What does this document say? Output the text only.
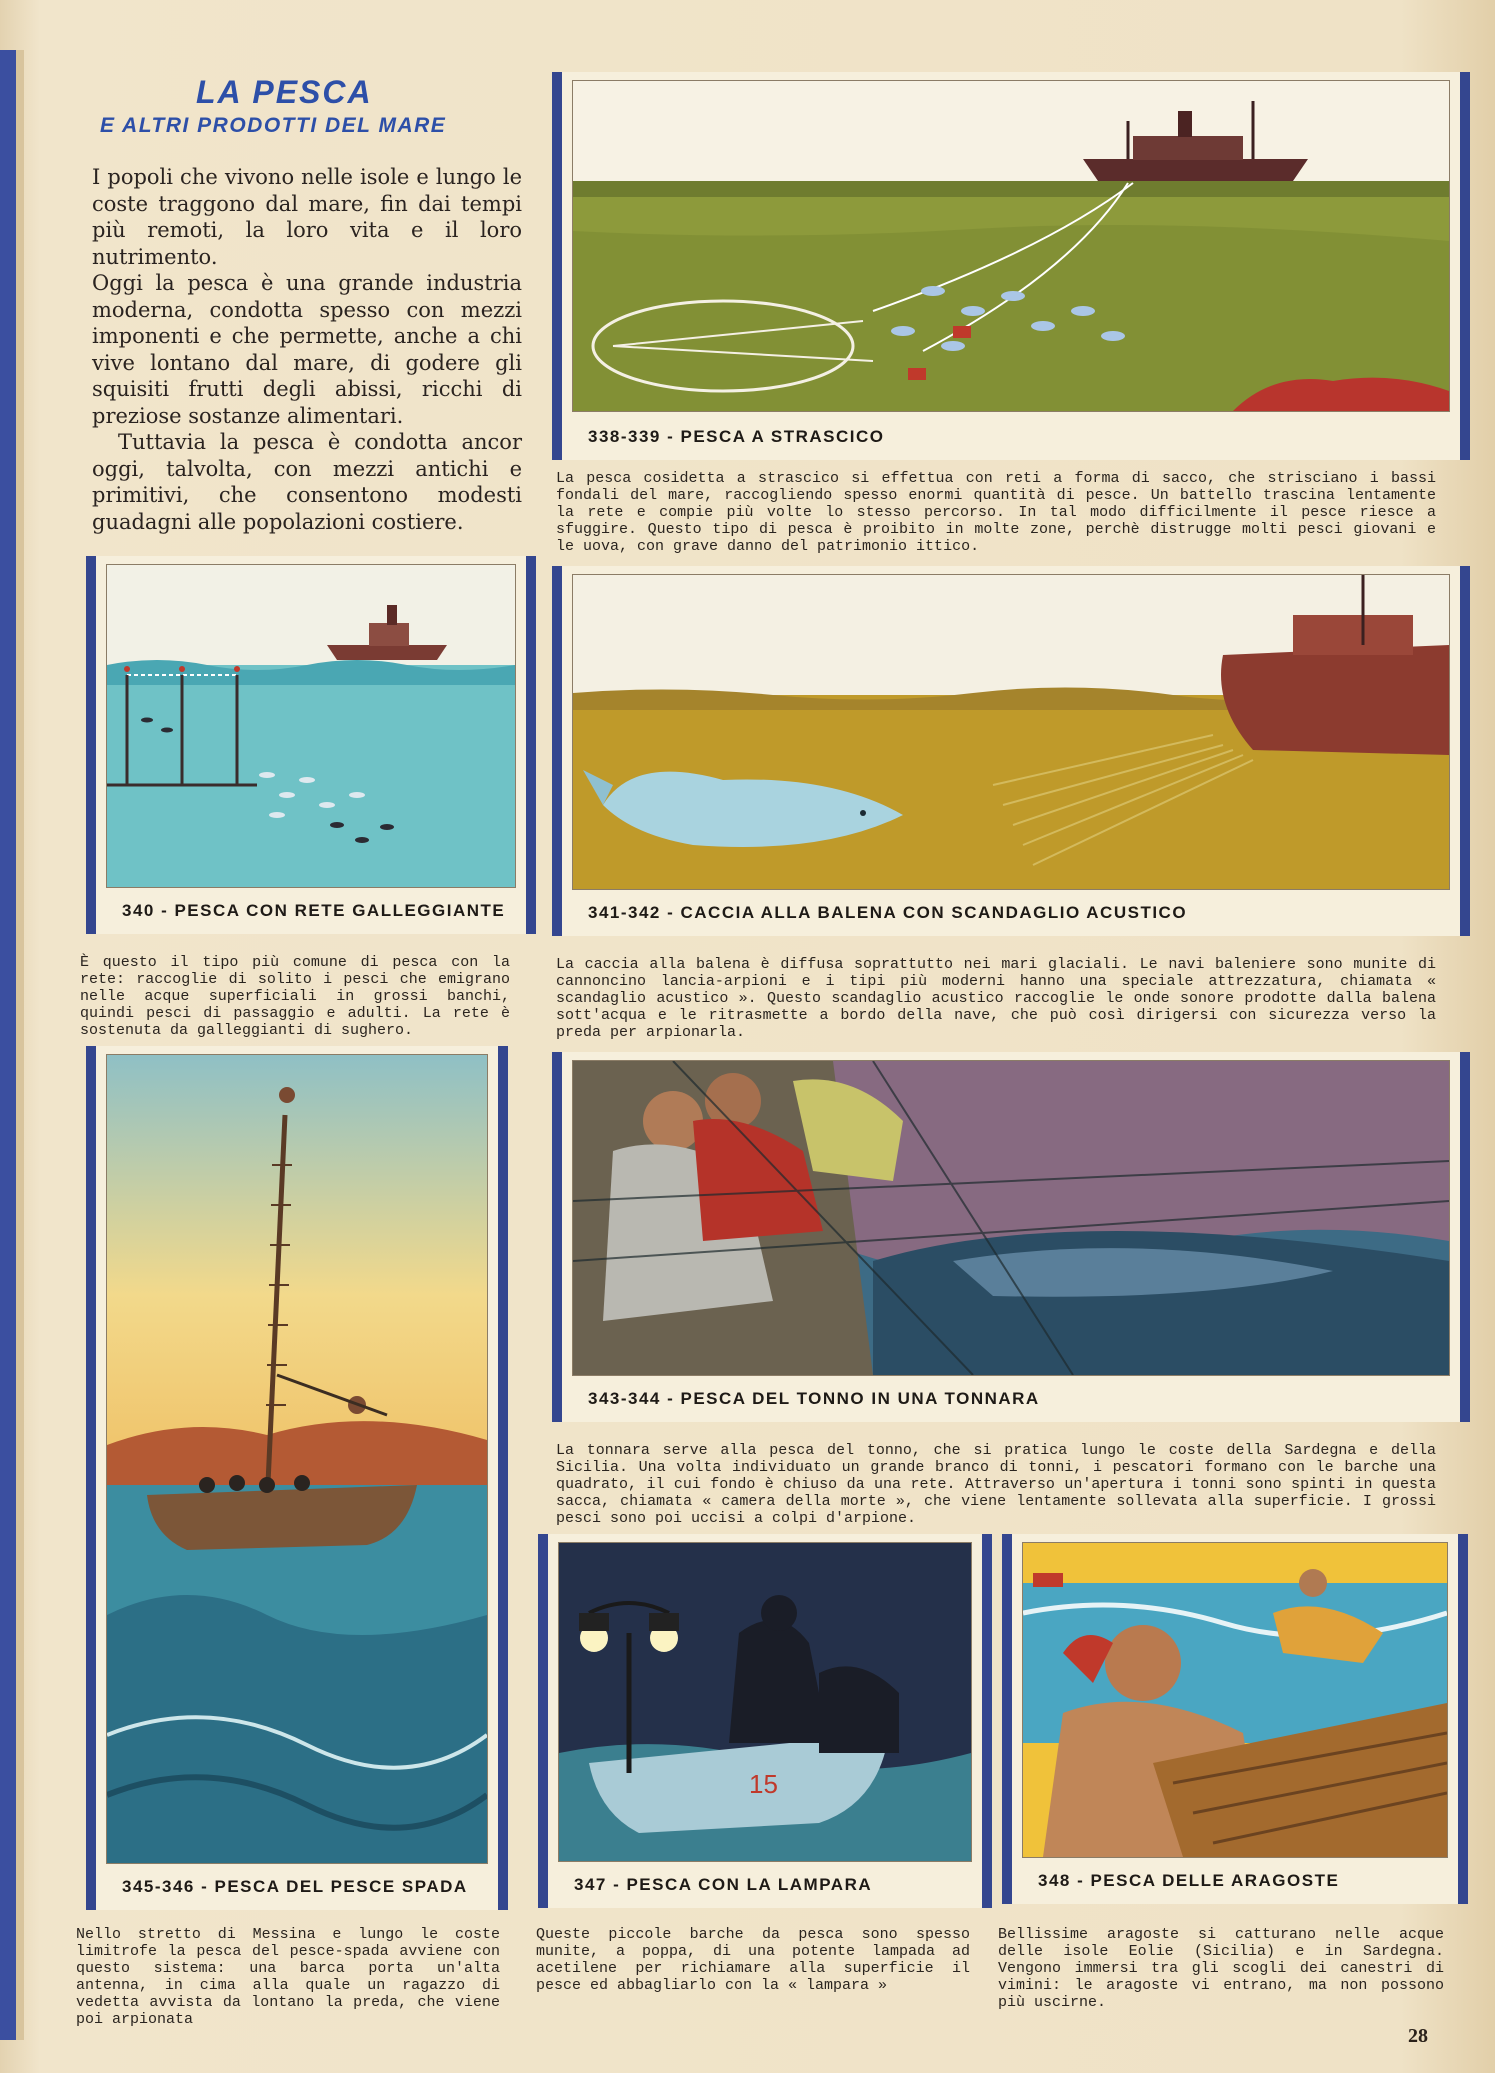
LA PESCA
E ALTRI PRODOTTI DEL MARE

I popoli che vivono nelle isole e lungo le coste traggono dal mare, fin dai tempi più remoti, la loro vita e il loro nutrimento.

Oggi la pesca è una grande industria moderna, condotta spesso con mezzi imponenti e che permette, anche a chi vive lontano dal mare, di godere gli squisiti frutti degli abissi, ricchi di preziose sostanze alimentari.

Tuttavia la pesca è condotta ancor oggi, talvolta, con mezzi antichi e primitivi, che consentono modesti guadagni alle popolazioni costiere.

338-339 - PESCA A STRASCICO
La pesca cosidetta a strascico si effettua con reti a forma di sacco, che strisciano i bassi fondali del mare, raccogliendo spesso enormi quantità di pesce. Un battello trascina lentamente la rete e compie più volte lo stesso percorso. In tal modo difficilmente il pesce riesce a sfuggire. Questo tipo di pesca è proibito in molte zone, perchè distrugge molti pesci giovani e le uova, con grave danno del patrimonio ittico.
340 - PESCA CON RETE GALLEGGIANTE
È questo il tipo più comune di pesca con la rete: raccoglie di solito i pesci che emigrano nelle acque superficiali in grossi banchi, quindi pesci di passaggio e adulti. La rete è sostenuta da galleggianti di sughero.
341-342 - CACCIA ALLA BALENA CON SCANDAGLIO ACUSTICO
La caccia alla balena è diffusa soprattutto nei mari glaciali. Le navi baleniere sono munite di cannoncino lancia-arpioni e i tipi più moderni hanno una speciale attrezzatura, chiamata « scandaglio acustico ». Questo scandaglio acustico raccoglie le onde sonore prodotte dalla balena sott'acqua e le ritrasmette a bordo della nave, che può così dirigersi con sicurezza verso la preda per arpionarla.
345-346 - PESCA DEL PESCE SPADA
Nello stretto di Messina e lungo le coste limitrofe la pesca del pesce-spada avviene con questo sistema: una barca porta un'alta antenna, in cima alla quale un ragazzo di vedetta avvista da lontano la preda, che viene poi arpionata
343-344 - PESCA DEL TONNO IN UNA TONNARA
La tonnara serve alla pesca del tonno, che si pratica lungo le coste della Sardegna e della Sicilia. Una volta individuato un grande branco di tonni, i pescatori formano con le barche una quadrato, il cui fondo è chiuso da una rete. Attraverso un'apertura i tonni sono spinti in questa sacca, chiamata « camera della morte », che viene lentamente sollevata alla superficie. I grossi pesci sono poi uccisi a colpi d'arpione.
15
347 - PESCA CON LA LAMPARA
Queste piccole barche da pesca sono spesso munite, a poppa, di una potente lampada ad acetilene per richiamare alla superficie il pesce ed abbagliarlo con la « lampara »
348 - PESCA DELLE ARAGOSTE
Bellissime aragoste si catturano nelle acque delle isole Eolie (Sicilia) e in Sardegna. Vengono immersi tra gli scogli dei canestri di vimini: le aragoste vi entrano, ma non possono più uscirne.
28
